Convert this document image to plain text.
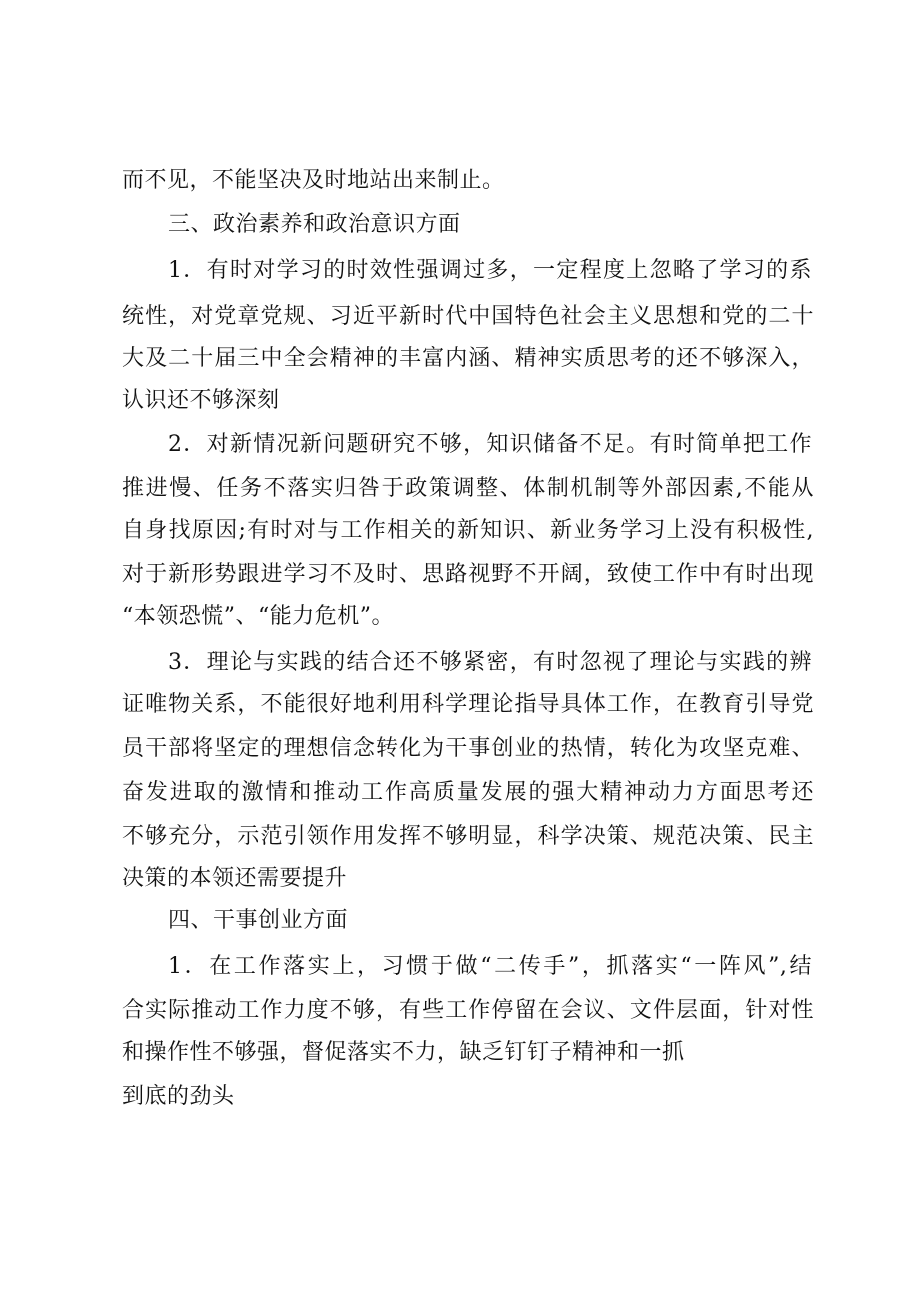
而不见，不能坚决及时地站出来制止。
三、政治素养和政治意识方面
1．有时对学习的时效性强调过多，一定程度上忽略了学习的系
统性，对党章党规、习近平新时代中国特色社会主义思想和党的二十
大及二十届三中全会精神的丰富内涵、精神实质思考的还不够深入，
认识还不够深刻
2．对新情况新问题研究不够，知识储备不足。有时简单把工作
推进慢、任务不落实归咎于政策调整、体制机制等外部因素,不能从
自身找原因;有时对与工作相关的新知识、新业务学习上没有积极性,
对于新形势跟进学习不及时、思路视野不开阔，致使工作中有时出现
“本领恐慌”、“能力危机”。
3．理论与实践的结合还不够紧密，有时忽视了理论与实践的辨
证唯物关系，不能很好地利用科学理论指导具体工作，在教育引导党
员干部将坚定的理想信念转化为干事创业的热情，转化为攻坚克难、
奋发进取的激情和推动工作高质量发展的强大精神动力方面思考还
不够充分，示范引领作用发挥不够明显，科学决策、规范决策、民主
决策的本领还需要提升
四、干事创业方面
1．在工作落实上，习惯于做“二传手”，抓落实“一阵风”,结
合实际推动工作力度不够，有些工作停留在会议、文件层面，针对性
和操作性不够强，督促落实不力，缺乏钉钉子精神和一抓
到底的劲头
